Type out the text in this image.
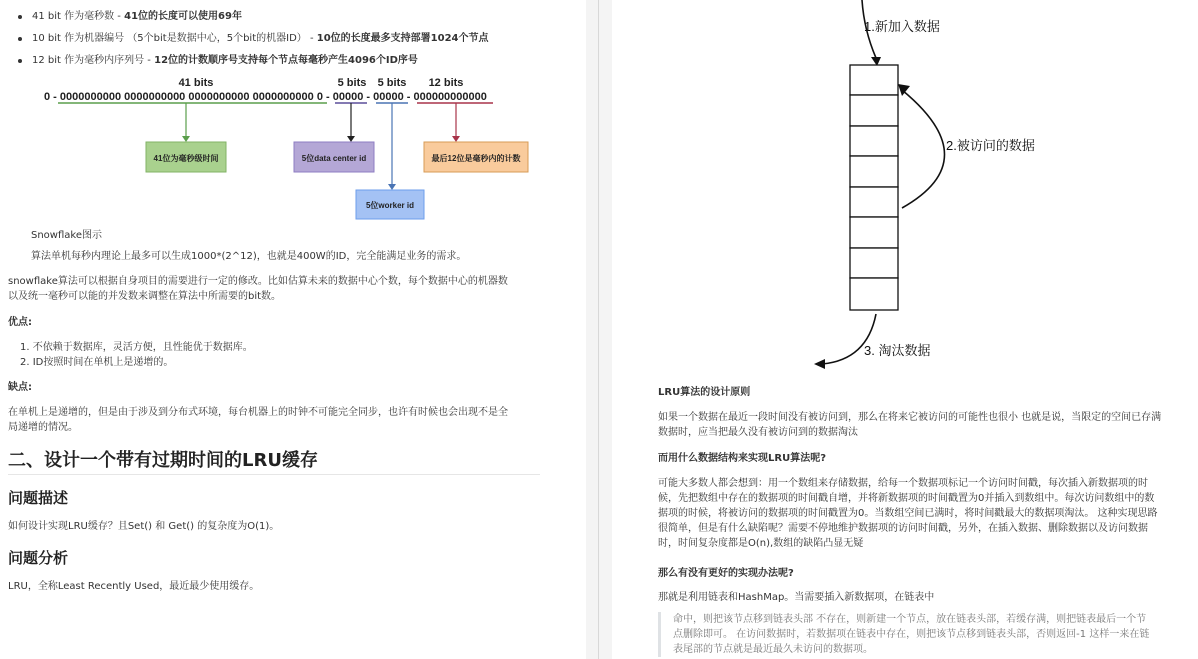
41 bit 作为毫秒数 - 41位的长度可以使用69年
10 bit 作为机器编号 （5个bit是数据中心，5个bit的机器ID） - 10位的长度最多支持部署1024个节点
12 bit 作为毫秒内序列号 - 12位的计数顺序号支持每个节点每毫秒产生4096个ID序号
41 bits	5 bits 5 bits 12 bits
0 - 0000000000 0000000000 0000000000 0000000000 0 - 00000 - 00000 - 000000000000
41位为毫秒级时间	5位data center id	最后12位是毫秒内的计数
5位worker id
Snowflake图示
算法单机每秒内理论上最多可以生成1000*(2^12)，也就是400W的ID，完全能满足业务的需求。
snowflake算法可以根据自身项目的需要进行一定的修改。比如估算未来的数据中心个数，每个数据中心的机器数
以及统一毫秒可以能的并发数来调整在算法中所需要的bit数。
优点:
1. 不依赖于数据库，灵活方便，且性能优于数据库。
2. ID按照时间在单机上是递增的。
缺点:
在单机上是递增的，但是由于涉及到分布式环境，每台机器上的时钟不可能完全同步，也许有时候也会出现不是全
局递增的情况。
二、设计一个带有过期时间的LRU缓存
问题描述
如何设计实现LRU缓存？且Set() 和 Get() 的复杂度为O(1)。
问题分析
LRU，全称Least Recently Used，最近最少使用缓存。
1.新加入数据
2.被访问的数据
3. 淘汰数据
LRU算法的设计原则
如果一个数据在最近一段时间没有被访问到，那么在将来它被访问的可能性也很小 也就是说，当限定的空间已存满
数据时，应当把最久没有被访问到的数据淘汰
而用什么数据结构来实现LRU算法呢?
可能大多数人都会想到：用一个数组来存储数据，给每一个数据项标记一个访问时间戳，每次插入新数据项的时
候，先把数组中存在的数据项的时间戳自增，并将新数据项的时间戳置为0并插入到数组中。每次访问数组中的数
据项的时候，将被访问的数据项的时间戳置为0。当数组空间已满时，将时间戳最大的数据项淘汰。 这种实现思路
很简单，但是有什么缺陷呢？需要不停地维护数据项的访问时间戳，另外，在插入数据、删除数据以及访问数据
时，时间复杂度都是O(n),数组的缺陷凸显无疑
那么有没有更好的实现办法呢?
那就是利用链表和HashMap。当需要插入新数据项，在链表中
命中，则把该节点移到链表头部 不存在，则新建一个节点，放在链表头部，若缓存满，则把链表最后一个节
点删除即可。 在访问数据时，若数据项在链表中存在，则把该节点移到链表头部，否则返回-1 这样一来在链
表尾部的节点就是最近最久未访问的数据项。
